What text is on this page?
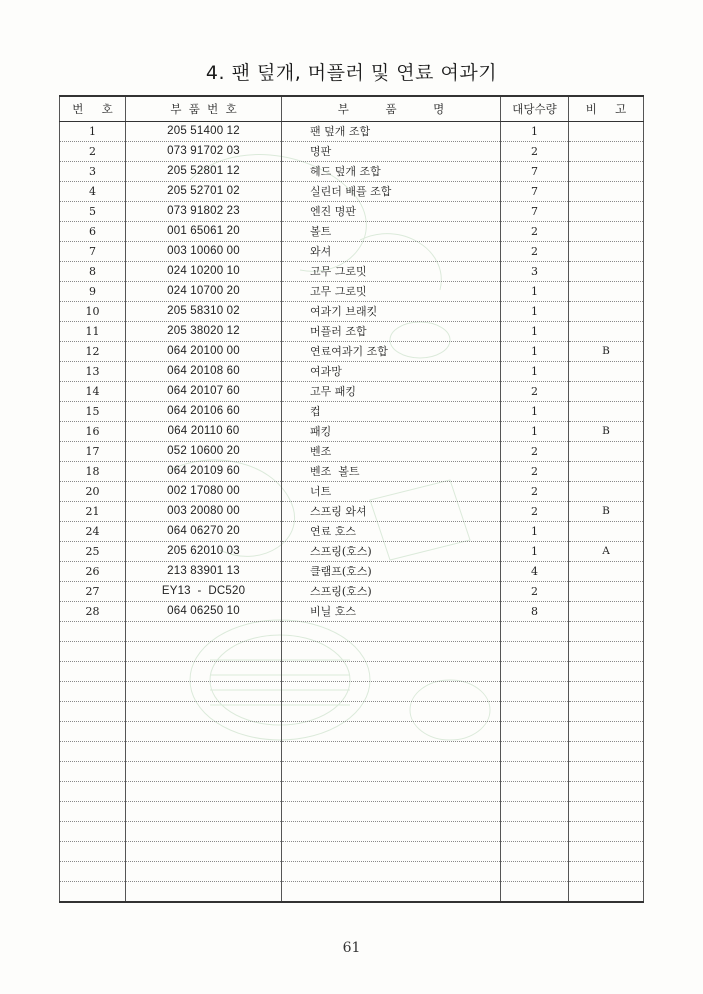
4. 팬 덮개, 머플러 및 연료 여과기
번     호	부  품  번  호	부          품          명	대당수량	비     고
1	205 51400 12	팬 덮개 조합	1	
2	073 91702 03	명판	2	
3	205 52801 12	헤드 덮개 조합	7	
4	205 52701 02	실린더 배플 조합	7	
5	073 91802 23	엔진 명판	7	
6	001 65061 20	볼트	2	
7	003 10060 00	와셔	2	
8	024 10200 10	고무 그로밋	3	
9	024 10700 20	고무 그로밋	1	
10	205 58310 02	여과기 브래킷	1	
11	205 38020 12	머플러 조합	1	
12	064 20100 00	연료여과기 조합	1	B
13	064 20108 60	여과망	1	
14	064 20107 60	고무 패킹	2	
15	064 20106 60	컵	1	
16	064 20110 60	패킹	1	B
17	052 10600 20	벤조	2	
18	064 20109 60	벤조  볼트	2	
20	002 17080 00	너트	2	
21	003 20080 00	스프링 와셔	2	B
24	064 06270 20	연료 호스	1	
25	205 62010 03	스프링(호스)	1	A
26	213 83901 13	클램프(호스)	4	
27	EY13  -  DC520	스프링(호스)	2	
28	064 06250 10	비닐 호스	8	

61
